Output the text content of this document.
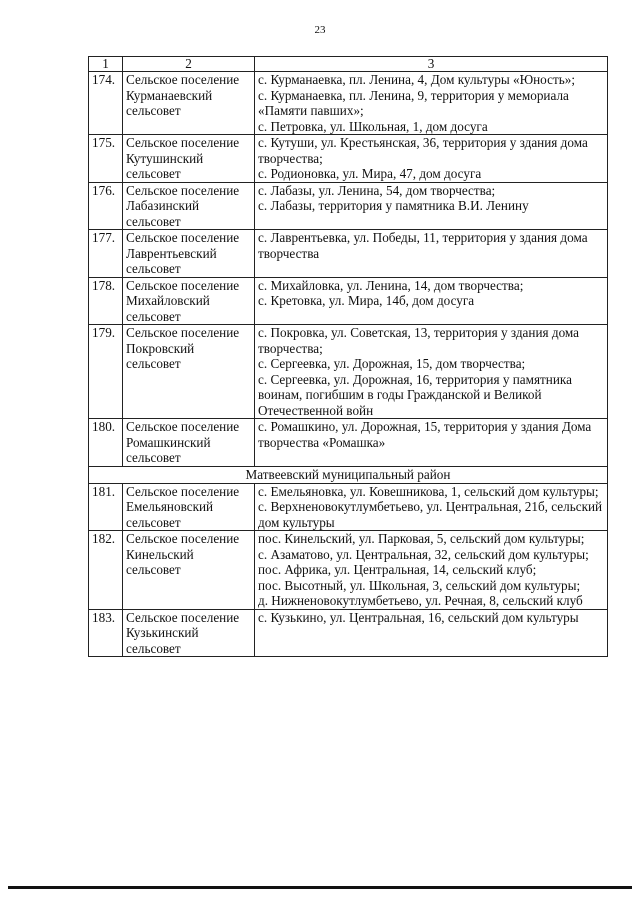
23
1	2	3
174.	Сельское поселение Курманаевский сельсовет	с. Курманаевка, пл. Ленина, 4, Дом культуры «Юность»;
с. Курманаевка, пл. Ленина, 9, территория у мемориала «Памяти павших»;
с. Петровка, ул. Школьная, 1, дом досуга

175.	Сельское поселение Кутушинский сельсовет	с. Кутуши, ул. Крестьянская, 36, территория у здания дома творчества;
с. Родионовка, ул. Мира, 47, дом досуга

176.	Сельское поселение Лабазинский сельсовет	с. Лабазы, ул. Ленина, 54, дом творчества;
с. Лабазы, территория у памятника В.И. Ленину

177.	Сельское поселение Лаврентьевский сельсовет	с. Лаврентьевка, ул. Победы, 11, территория у здания дома творчества

178.	Сельское поселение Михайловский сельсовет	с. Михайловка, ул. Ленина, 14, дом творчества;
с. Кретовка, ул. Мира, 14б, дом досуга

179.	Сельское поселение Покровский сельсовет	с. Покровка, ул. Советская, 13, территория у здания дома творчества;
с. Сергеевка, ул. Дорожная, 15, дом творчества;
с. Сергеевка, ул. Дорожная, 16, территория у памятника воинам, погибшим в годы Гражданской и Великой Отечественной войн

180.	Сельское поселение Ромашкинский сельсовет	с. Ромашкино, ул. Дорожная, 15, территория у здания Дома творчества «Ромашка»

Матвеевский муниципальный район		
181.	Сельское поселение Емельяновский сельсовет	с. Емельяновка, ул. Ковешникова, 1, сельский дом культуры;
с. Верхненовокутлумбетьево, ул. Центральная, 21б, сельский дом культуры

182.	Сельское поселение Кинельский сельсовет	пос. Кинельский, ул. Парковая, 5, сельский дом культуры;
с. Азаматово, ул. Центральная, 32, сельский дом культуры;
пос. Африка, ул. Центральная, 14, сельский клуб;
пос. Высотный, ул. Школьная, 3, сельский дом культуры;
д. Нижненовокутлумбетьево, ул. Речная, 8, сельский клуб

183.	Сельское поселение Кузькинский сельсовет	с. Кузькино, ул. Центральная, 16, сельский дом культуры
